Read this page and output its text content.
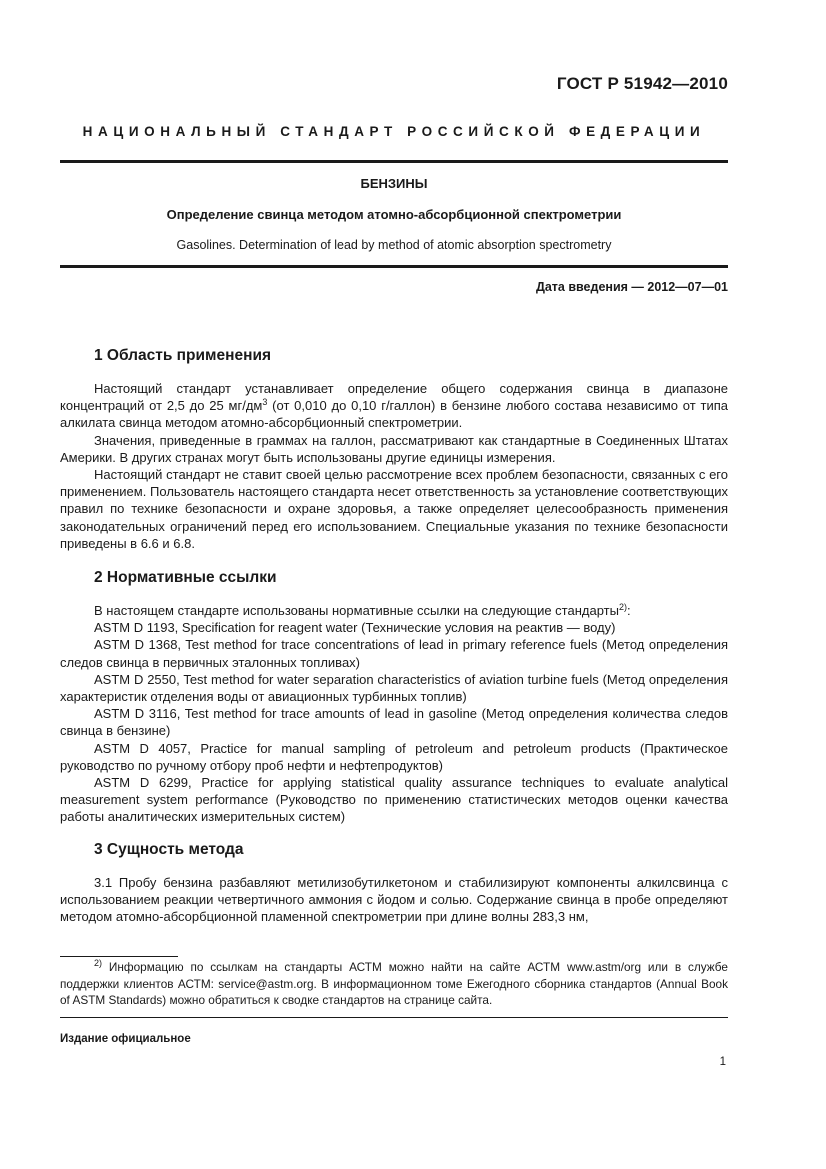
ГОСТ Р 51942—2010
НАЦИОНАЛЬНЫЙ СТАНДАРТ РОССИЙСКОЙ ФЕДЕРАЦИИ
БЕНЗИНЫ
Определение свинца методом атомно-абсорбционной спектрометрии
Gasolines. Determination of lead by method of atomic absorption spectrometry
Дата введения — 2012—07—01
1 Область применения

Настоящий стандарт устанавливает определение общего содержания свинца в диапазоне концентраций от 2,5 до 25 $мг/дм^3$ (от 0,010 до 0,10 г/галлон) в бензине любого состава независимо от типа алкилата свинца методом атомно-абсорбционный спектрометрии.

Значения, приведенные в граммах на галлон, рассматривают как стандартные в Соединенных Штатах Америки. В других странах могут быть использованы другие единицы измерения.

Настоящий стандарт не ставит своей целью рассмотрение всех проблем безопасности, связанных с его применением. Пользователь настоящего стандарта несет ответственность за установление соответствующих правил по технике безопасности и охране здоровья, а также определяет целесообразность применения законодательных ограничений перед его использованием. Специальные указания по технике безопасности приведены в 6.6 и 6.8.

2 Нормативные ссылки

В настоящем стандарте использованы нормативные ссылки на следующие стандарты$^{2)}$:

ASTM D 1193, Specification for reagent water (Технические условия на реактив — воду)

ASTM D 1368, Test method for trace concentrations of lead in primary reference fuels (Метод определения следов свинца в первичных эталонных топливах)

ASTM D 2550, Test method for water separation characteristics of aviation turbine fuels (Метод определения характеристик отделения воды от авиационных турбинных топлив)

ASTM D 3116, Test method for trace amounts of lead in gasoline (Метод определения количества следов свинца в бензине)

ASTM D 4057, Practice for manual sampling of petroleum and petroleum products (Практическое руководство по ручному отбору проб нефти и нефтепродуктов)

ASTM D 6299, Practice for applying statistical quality assurance techniques to evaluate analytical measurement system performance (Руководство по применению статистических методов оценки качества работы аналитических измерительных систем)

3 Сущность метода

3.1 Пробу бензина разбавляют метилизобутилкетоном и стабилизируют компоненты алкилсвинца с использованием реакции четвертичного аммония с йодом и солью. Содержание свинца в пробе определяют методом атомно-абсорбционной пламенной спектрометрии при длине волны 283,3 нм,

$^{2)}$ Информацию по ссылкам на стандарты АСТМ можно найти на сайте АСТМ www.astm/org или в службе поддержки клиентов АСТМ: service@astm.org. В информационном томе Ежегодного сборника стандартов (Annual Book of ASTM Standards) можно обратиться к сводке стандартов на странице сайта.

Издание официальное
1
